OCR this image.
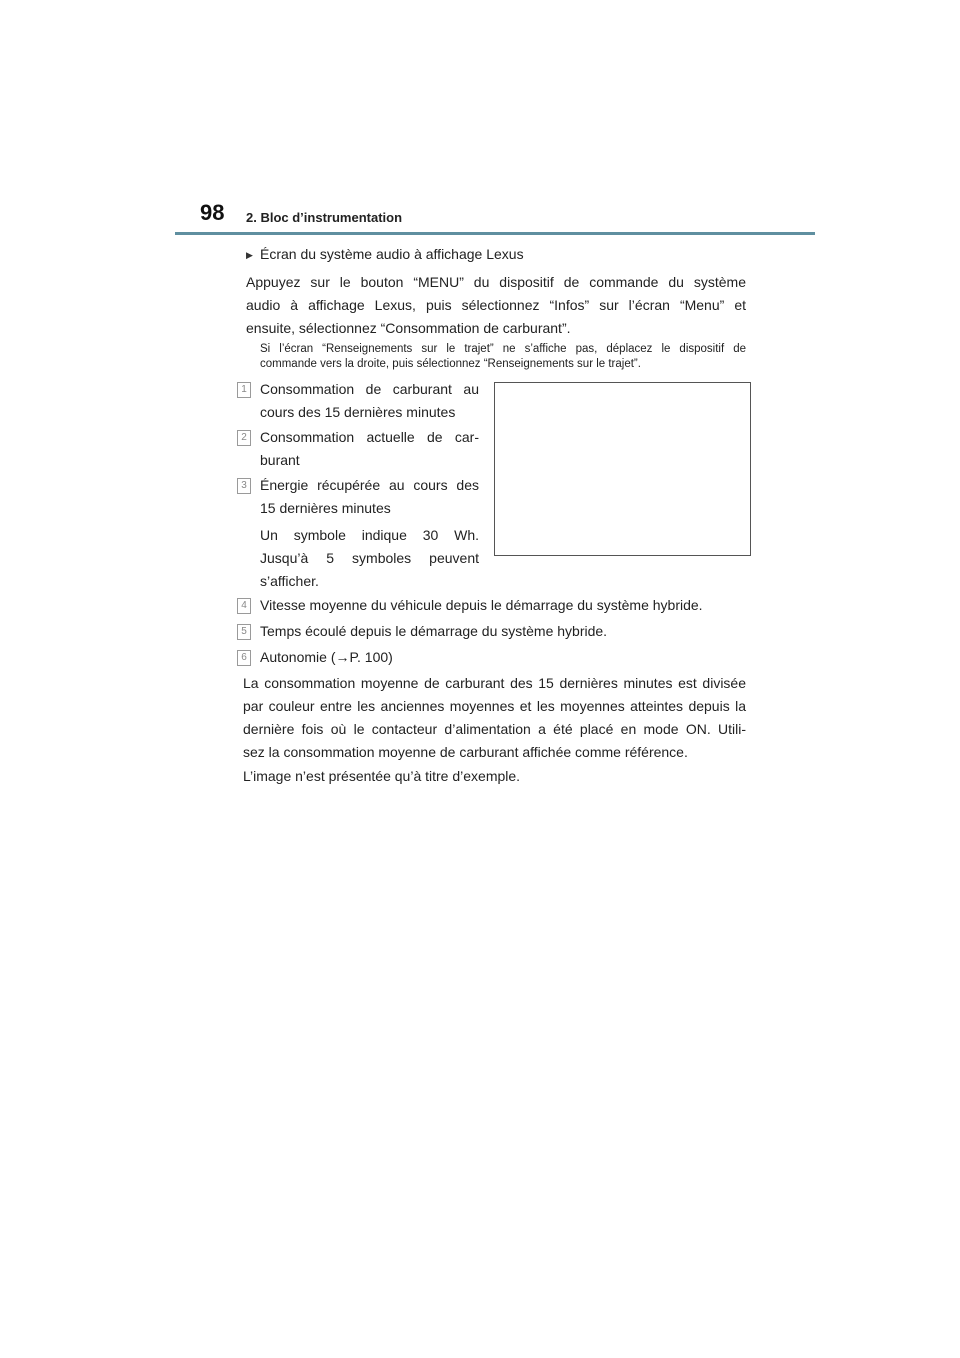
98 2. Bloc d’instrumentation
▶ Écran du système audio à affichage Lexus
Appuyez sur le bouton “MENU” du dispositif de commande du système
audio à affichage Lexus, puis sélectionnez “Infos” sur l’écran “Menu” et
ensuite, sélectionnez “Consommation de carburant”.
Si l’écran “Renseignements sur le trajet” ne s’affiche pas, déplacez le dispositif de
commande vers la droite, puis sélectionnez “Renseignements sur le trajet”.
1 Consommation de carburant au
cours des 15 dernières minutes
2 Consommation actuelle de car-
burant
3 Énergie récupérée au cours des
15 dernières minutes
Un symbole indique 30 Wh.
Jusqu’à 5 symboles peuvent
s’afficher.
4 Vitesse moyenne du véhicule depuis le démarrage du système hybride.
5 Temps écoulé depuis le démarrage du système hybride.
6 Autonomie (→P. 100)
La consommation moyenne de carburant des 15 dernières minutes est divisée
par couleur entre les anciennes moyennes et les moyennes atteintes depuis la
dernière fois où le contacteur d’alimentation a été placé en mode ON. Utili-
sez la consommation moyenne de carburant affichée comme référence.
L’image n’est présentée qu’à titre d’exemple.
